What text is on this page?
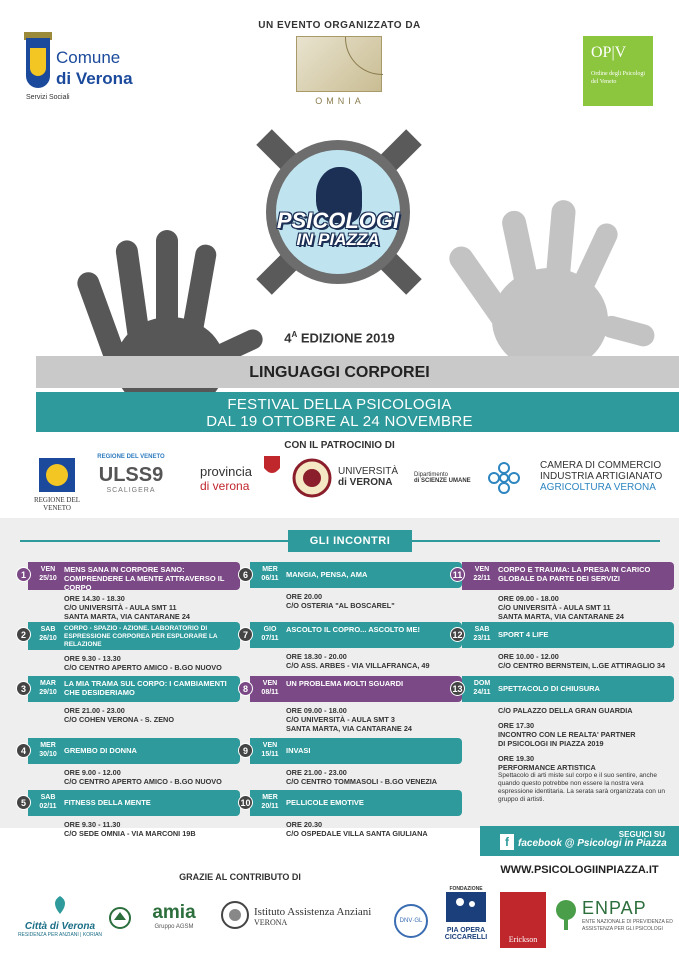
UN EVENTO ORGANIZZATO DA
Comune
di Verona
Servizi Sociali	OMNIA
OP|V
Ordine degli Psicologi del Veneto
PSICOLOGI
IN PIAZZA
$4^A$ EDIZIONE 2019
LINGUAGGI CORPOREI
FESTIVAL DELLA PSICOLOGIA
DAL 19 OTTOBRE AL 24 NOVEMBRE
CON IL PATROCINIO DI
REGIONE DEL VENETO
REGIONE DEL VENETO
ULSS9
SCALIGERA
provincia
di verona
UNIVERSITÀ
di VERONA
Dipartimento
di SCIENZE UMANE
CAMERA DI COMMERCIO
INDUSTRIA ARTIGIANATO
AGRICOLTURA VERONA
GLI INCONTRI
1
VEN
25/10
MENS SANA IN CORPORE SANO: COMPRENDERE LA MENTE ATTRAVERSO IL CORPO
ORE 14.30 - 18.30
C/O UNIVERSITÀ - AULA SMT 11
SANTA MARTA, VIA CANTARANE 24
2
SAB
26/10
CORPO - SPAZIO - AZIONE. LABORATORIO DI ESPRESSIONE CORPOREA PER ESPLORARE LA RELAZIONE
ORE 9.30 - 13.30
C/O CENTRO APERTO AMICO - B.GO NUOVO
3
MAR
29/10
LA MIA TRAMA SUL CORPO: I CAMBIAMENTI CHE DESIDERIAMO
ORE 21.00 - 23.00
C/O COHEN VERONA - S. ZENO
4
MER
30/10 GREMBO DI DONNA
ORE 9.00 - 12.00
C/O CENTRO APERTO AMICO - B.GO NUOVO
5
SAB
02/11 FITNESS DELLA MENTE
ORE 9.30 - 11.30
C/O SEDE OMNIA - VIA MARCONI 19B
6
MER
06/11 MANGIA, PENSA, AMA
ORE 20.00
C/O OSTERIA "AL BOSCAREL"
7
GIO
07/11
ASCOLTO IL COPRO... ASCOLTO ME!
ORE 18.30 - 20.00
C/O ASS. ARBES - VIA VILLAFRANCA, 49
8
VEN
08/11
UN PROBLEMA MOLTI SGUARDI
ORE 09.00 - 18.00
C/O UNIVERSITÀ - AULA SMT 3
SANTA MARTA, VIA CANTARANE 24
9
VEN
15/11 INVASI
ORE 21.00 - 23.00
C/O CENTRO TOMMASOLI - B.GO VENEZIA
10
MER
20/11 PELLICOLE EMOTIVE
ORE 20.30
C/O OSPEDALE VILLA SANTA GIULIANA
11
VEN
22/11
CORPO E TRAUMA: LA PRESA IN CARICO GLOBALE DA PARTE DEI SERVIZI
ORE 09.00 - 18.00
C/O UNIVERSITÀ - AULA SMT 11
SANTA MARTA, VIA CANTARANE 24
12
SAB
23/11 SPORT 4 LIFE
ORE 10.00 - 12.00
C/O CENTRO BERNSTEIN, L.GE ATTIRAGLIO 34
13
DOM
24/11 SPETTACOLO DI CHIUSURA
C/O PALAZZO DELLA GRAN GUARDIA
ORE 17.30
INCONTRO CON LE REALTA' PARTNER
DI PSICOLOGI IN PIAZZA 2019
ORE 19.30
PERFORMANCE ARTISTICA
Spettacolo di arti miste sul corpo e il suo sentire, anche quando questo potrebbe non essere la nostra vera espressione identitaria. La serata sarà organizzata con un gruppo di artisti.
SEGUICI SU
f facebook @ Psicologi in Piazza
WWW.PSICOLOGIINPIAZZA.IT
GRAZIE AL CONTRIBUTO DI
Città di Verona
RESIDENZA PER ANZIANI | KORIAN
amia
Gruppo AGSM
Istituto Assistenza Anziani
VERONA	DNV·GL
FONDAZIONE
PIA OPERA
CICCARELLI	Erickson
ENPAP
ENTE NAZIONALE DI PREVIDENZA ED ASSISTENZA PER GLI PSICOLOGI
